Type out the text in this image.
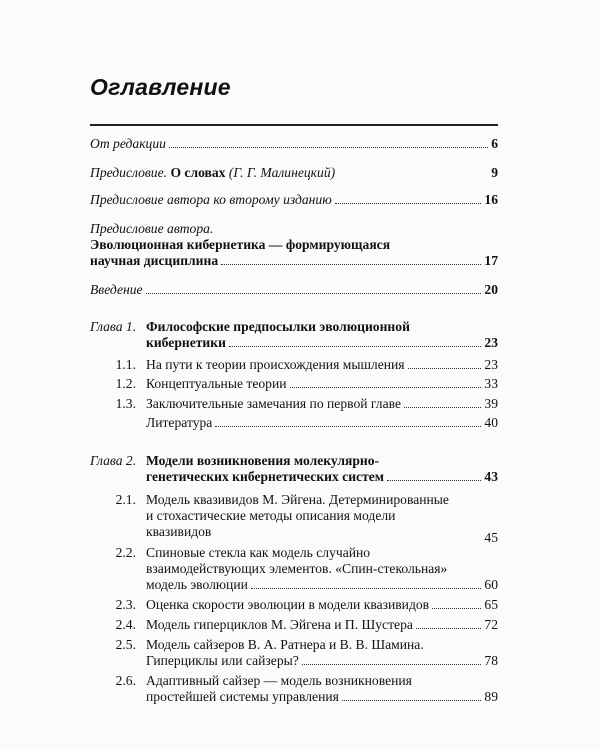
Оглавление
От редакции	6
Предисловие. О словах (Г. Г. Малинецкий)	9
Предисловие автора ко второму изданию	16
Предисловие автора.
Эволюционная кибернетика — формирующаяся
научная дисциплина	17
Введение	20
Глава 1. Философские предпосылки эволюционной
кибернетики	23
1.1. На пути к теории происхождения мышления	23
1.2. Концептуальные теории	33
1.3. Заключительные замечания по первой главе	39
Литература	40
Глава 2. Модели возникновения молекулярно-
генетических кибернетических систем	43
2.1. Модель квазивидов М. Эйгена. Детерминированные
и стохастические методы описания модели
квазивидов	45
2.2. Спиновые стекла как модель случайно
взаимодействующих элементов. «Спин-стекольная»
модель эволюции	60
2.3. Оценка скорости эволюции в модели квазивидов	65
2.4. Модель гиперциклов М. Эйгена и П. Шустера	72
2.5. Модель сайзеров В. А. Ратнера и В. В. Шамина.
Гиперциклы или сайзеры?	78
2.6. Адаптивный сайзер — модель возникновения
простейшей системы управления	89
